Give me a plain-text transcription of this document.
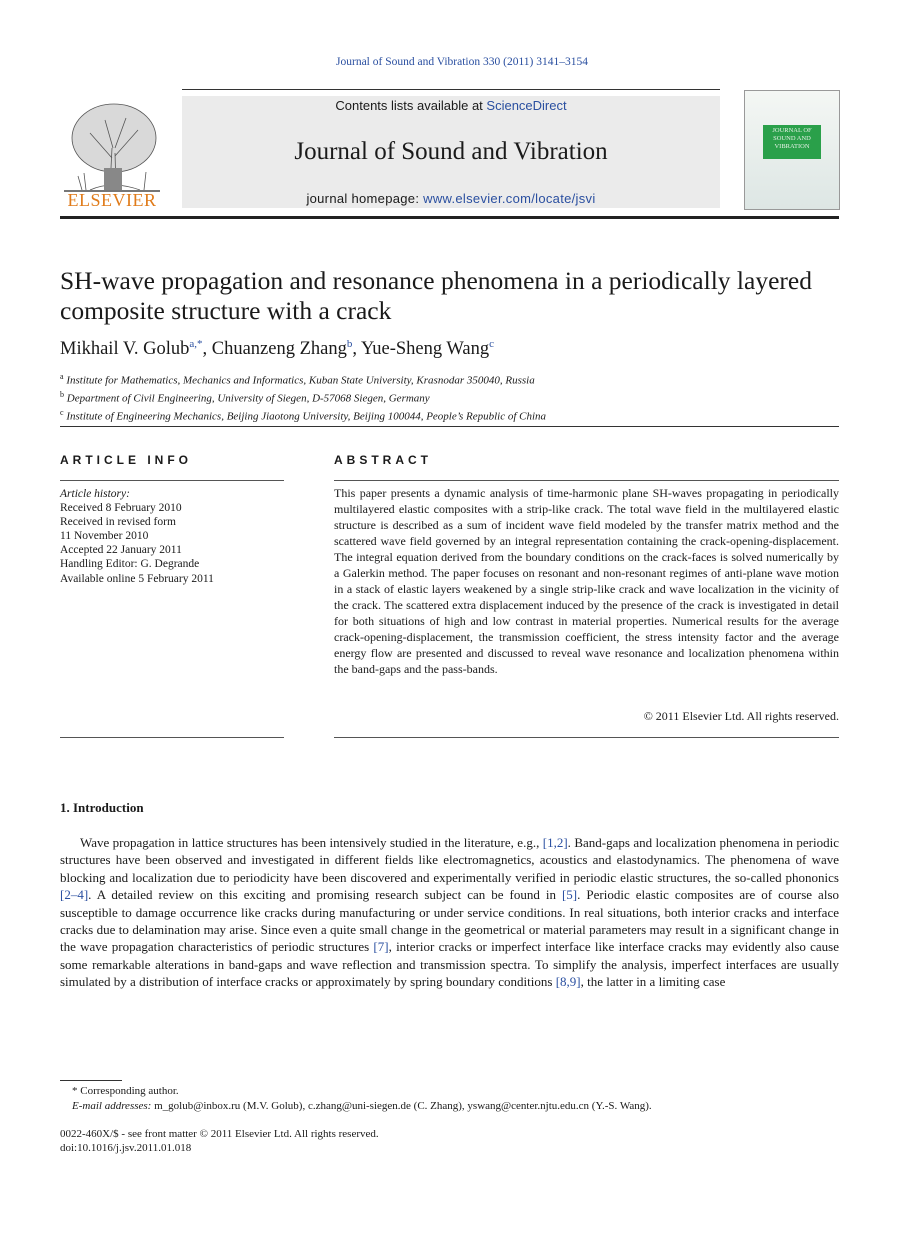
Journal of Sound and Vibration 330 (2011) 3141–3154
ELSEVIER
Contents lists available at ScienceDirect
Journal of Sound and Vibration
journal homepage: www.elsevier.com/locate/jsvi
JOURNAL OF SOUND AND VIBRATION
SH-wave propagation and resonance phenomena in a periodically layered composite structure with a crack
Mikhail V. Golub$^{a,*}$, Chuanzeng Zhang$^b$, Yue-Sheng Wang$^c$
$^a$ Institute for Mathematics, Mechanics and Informatics, Kuban State University, Krasnodar 350040, Russia
$^b$ Department of Civil Engineering, University of Siegen, D-57068 Siegen, Germany
$^c$ Institute of Engineering Mechanics, Beijing Jiaotong University, Beijing 100044, People’s Republic of China
ARTICLE INFO
Article history:
Received 8 February 2010
Received in revised form
11 November 2010
Accepted 22 January 2011
Handling Editor: G. Degrande
Available online 5 February 2011
ABSTRACT

This paper presents a dynamic analysis of time-harmonic plane SH-waves propagating in periodically multilayered elastic composites with a strip-like crack. The total wave field in the multilayered elastic structure is described as a sum of incident wave field modeled by the transfer matrix method and the scattered wave field governed by an integral representation containing the crack-opening-displacement. The integral equation derived from the boundary conditions on the crack-faces is solved numerically by a Galerkin method. The paper focuses on resonant and non-resonant regimes of anti-plane wave motion in a stack of elastic layers weakened by a single strip-like crack and wave localization in the vicinity of the crack. The scattered extra displacement induced by the presence of the crack is investigated in detail for both situations of high and low contrast in material properties. Numerical results for the average crack-opening-displacement, the transmission coefficient, the stress intensity factor and the average energy flow are presented and discussed to reveal wave resonance and localization phenomena within the band-gaps and the pass-bands.

© 2011 Elsevier Ltd. All rights reserved.
1. Introduction

Wave propagation in lattice structures has been intensively studied in the literature, e.g., [1,2]. Band-gaps and localization phenomena in periodic structures have been observed and investigated in different fields like electromagnetics, acoustics and elastodynamics. The phenomena of wave blocking and localization due to periodicity have been discovered and experimentally verified in periodic elastic structures, the so-called phononics [2–4]. A detailed review on this exciting and promising research subject can be found in [5]. Periodic elastic composites are of course also susceptible to damage occurrence like cracks during manufacturing or under service conditions. In real situations, both interior cracks and interface cracks due to delamination may arise. Since even a quite small change in the geometrical or material parameters may result in a significant change in the wave propagation characteristics of periodic structures [7], interior cracks or imperfect interface like interface cracks may evidently also cause some remarkable alterations in band-gaps and wave reflection and transmission spectra. To simplify the analysis, imperfect interfaces are usually simulated by a distribution of interface cracks or approximately by spring boundary conditions [8,9], the latter in a limiting case

* Corresponding author.
E-mail addresses: m_golub@inbox.ru (M.V. Golub), c.zhang@uni-siegen.de (C. Zhang), yswang@center.njtu.edu.cn (Y.-S. Wang).
0022-460X/$ - see front matter © 2011 Elsevier Ltd. All rights reserved.
doi:10.1016/j.jsv.2011.01.018
